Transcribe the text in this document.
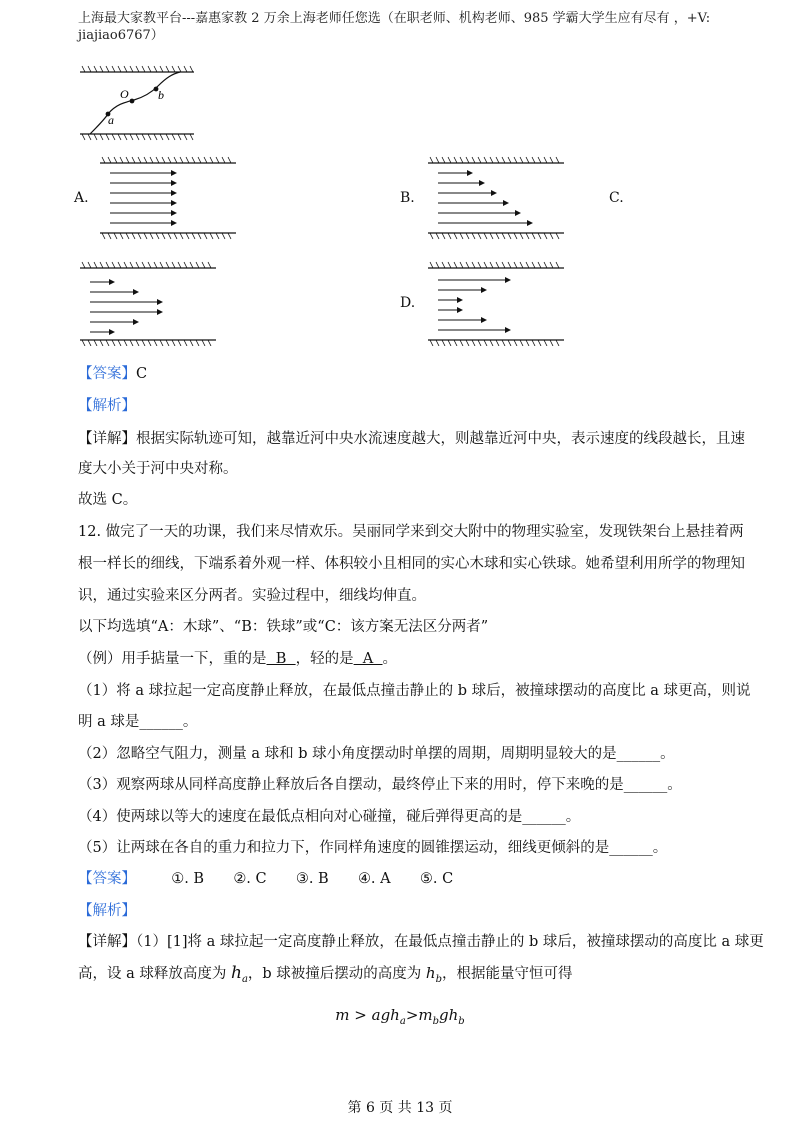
上海最大家教平台---嘉惠家教 2 万余上海老师任您选（在职老师、机构老师、985 学霸大学生应有尽有 ，+V:
jiajiao6767）
a
O b
A.	B.	C.
D.
【答案】C
【解析】
【详解】根据实际轨迹可知，越靠近河中央水流速度越大，则越靠近河中央，表示速度的线段越长，且速
度大小关于河中央对称。
故选 C。
12. 做完了一天的功课，我们来尽情欢乐。吴丽同学来到交大附中的物理实验室，发现铁架台上悬挂着两
根一样长的细线，下端系着外观一样、体积较小且相同的实心木球和实心铁球。她希望利用所学的物理知
识，通过实验来区分两者。实验过程中，细线均伸直。
以下均选填“A：木球”、“B：铁球”或“C：该方案无法区分两者”
（例）用手掂量一下，重的是  B  ，轻的是  A  。
（1）将 a 球拉起一定高度静止释放，在最低点撞击静止的 b 球后，被撞球摆动的高度比 a 球更高，则说
明 a 球是______。
（2）忽略空气阻力，测量 a 球和 b 球小角度摆动时单摆的周期，周期明显较大的是______。
（3）观察两球从同样高度静止释放后各自摆动，最终停止下来的用时，停下来晚的是______。
（4）使两球以等大的速度在最低点相向对心碰撞，碰后弹得更高的是______。
（5）让两球在各自的重力和拉力下，作同样角速度的圆锥摆运动，细线更倾斜的是______。
【答案】 ①. B ②. C ③. B ④. A ⑤. C
【解析】
【详解】（1）[1]将 a 球拉起一定高度静止释放，在最低点撞击静止的 b 球后，被撞球摆动的高度比 a 球更
高，设 a 球释放高度为 $h_a$，b 球被撞后摆动的高度为 $h_b$，根据能量守恒可得
$m > agh_a>m_bgh_b$
第 6 页 共 13 页
